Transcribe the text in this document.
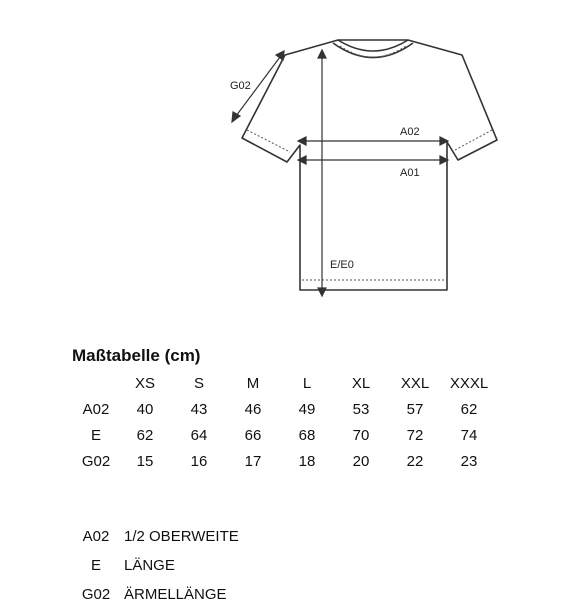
G02
A02
A01
E/E0
Maßtabelle (cm)
	XS	S	M	L	XL	XXL	XXXL
A02	40	43	46	49	53	57	62
E	62	64	66	68	70	72	74
G02	15	16	17	18	20	22	23
A02 1/2 OBERWEITE
E	LÄNGE
G02 ÄRMELLÄNGE
